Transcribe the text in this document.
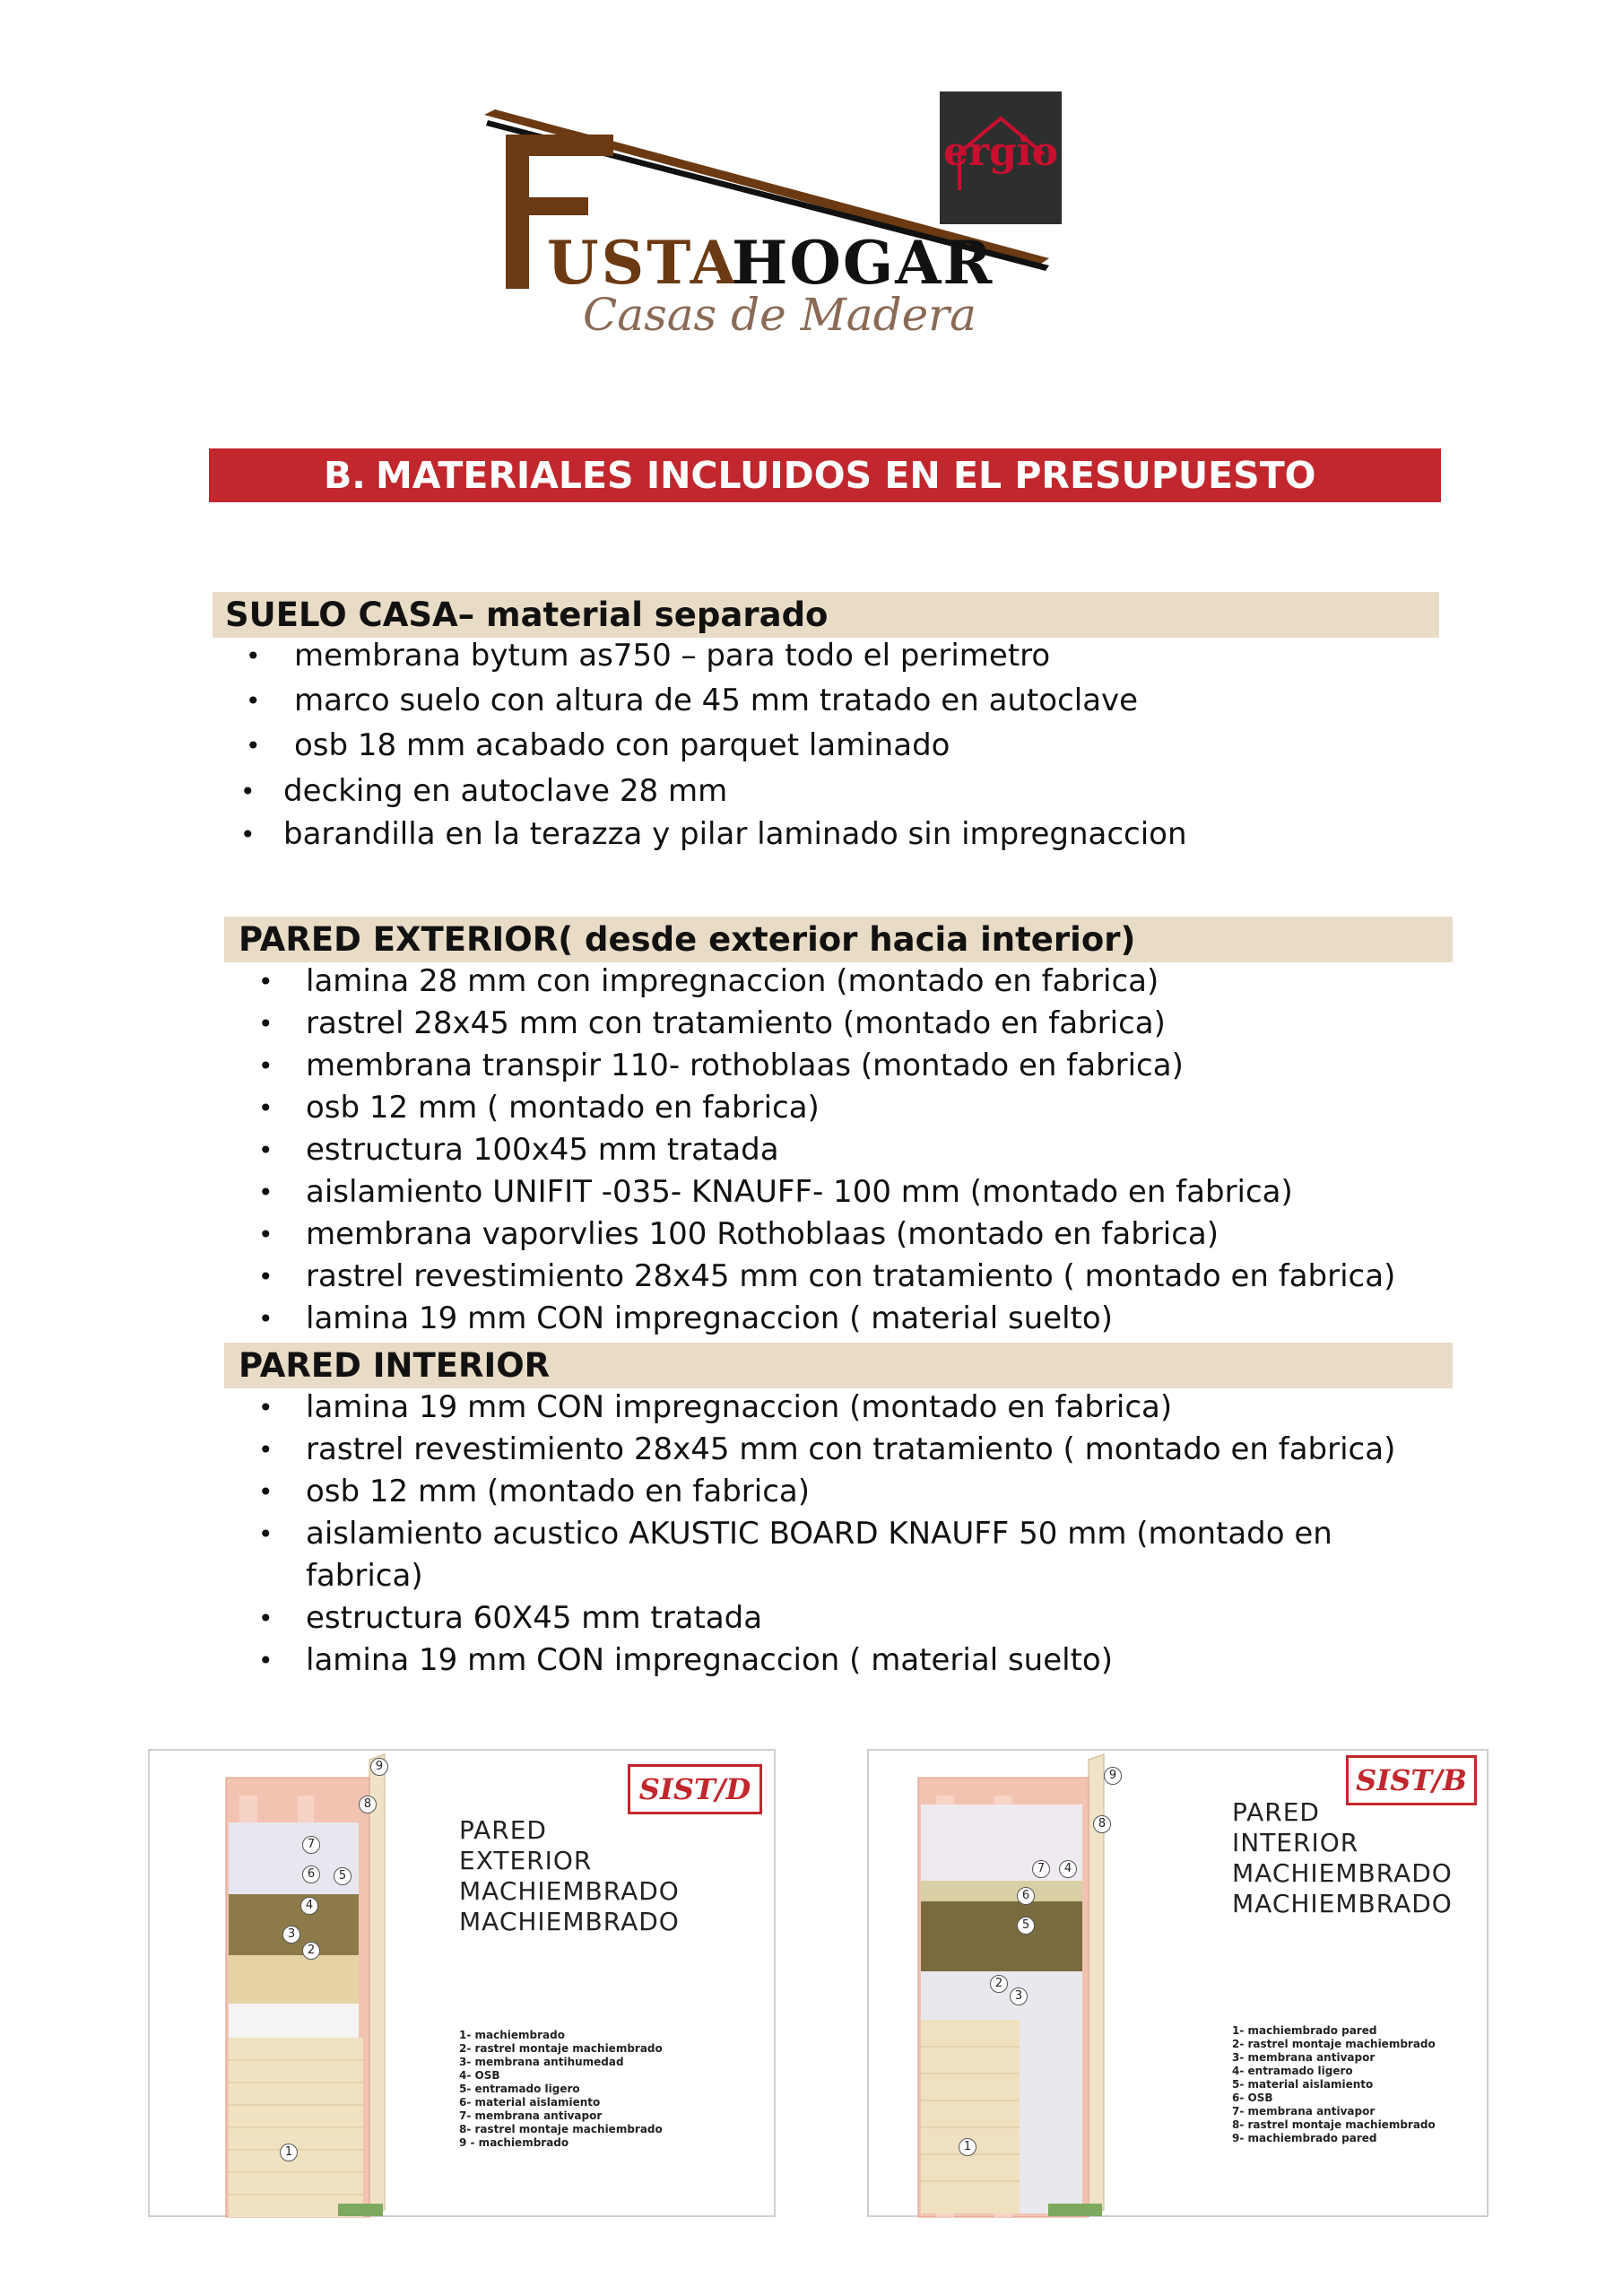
USTA
HOGAR
Casas de Madera
ergio
B. MATERIALES INCLUIDOS EN EL PRESUPUESTO
SUELO CASA– material separado
• membrana bytum as750 – para todo el perimetro
• marco suelo con altura de 45 mm tratado en autoclave
• osb 18 mm acabado con parquet laminado
• decking en autoclave 28 mm
• barandilla en la terazza y pilar laminado sin impregnaccion
PARED EXTERIOR( desde exterior hacia interior)
• lamina 28 mm con impregnaccion (montado en fabrica)
• rastrel 28x45 mm con tratamiento (montado en fabrica)
• membrana transpir 110- rothoblaas (montado en fabrica)
• osb 12 mm ( montado en fabrica)
• estructura 100x45 mm tratada
• aislamiento UNIFIT -035- KNAUFF- 100 mm (montado en fabrica)
• membrana vaporvlies 100 Rothoblaas (montado en fabrica)
• rastrel revestimiento 28x45 mm con tratamiento ( montado en fabrica)
• lamina 19 mm CON impregnaccion ( material suelto)
PARED INTERIOR
• lamina 19 mm CON impregnaccion (montado en fabrica)
• rastrel revestimiento 28x45 mm con tratamiento ( montado en fabrica)
• osb 12 mm (montado en fabrica)
• aislamiento acustico AKUSTIC BOARD KNAUFF 50 mm (montado en fabrica)
• estructura 60X45 mm tratada
• lamina 19 mm CON impregnaccion ( material suelto)
9
8
7
6	5
4
3
2
1
SIST/D
PARED
EXTERIOR
MACHIEMBRADO
MACHIEMBRADO
1- machiembrado
2- rastrel montaje machiembrado
3- membrana antihumedad
4- OSB
5- entramado ligero
6- material aislamiento
7- membrana antivapor
8- rastrel montaje machiembrado
9 - machiembrado
9
8
7	4
6
5
2
3
1
SIST/B
PARED
INTERIOR
MACHIEMBRADO
MACHIEMBRADO
1- machiembrado pared
2- rastrel montaje machiembrado
3- membrana antivapor
4- entramado ligero
5- material aislamiento
6- OSB
7- membrana antivapor
8- rastrel montaje machiembrado
9- machiembrado pared
